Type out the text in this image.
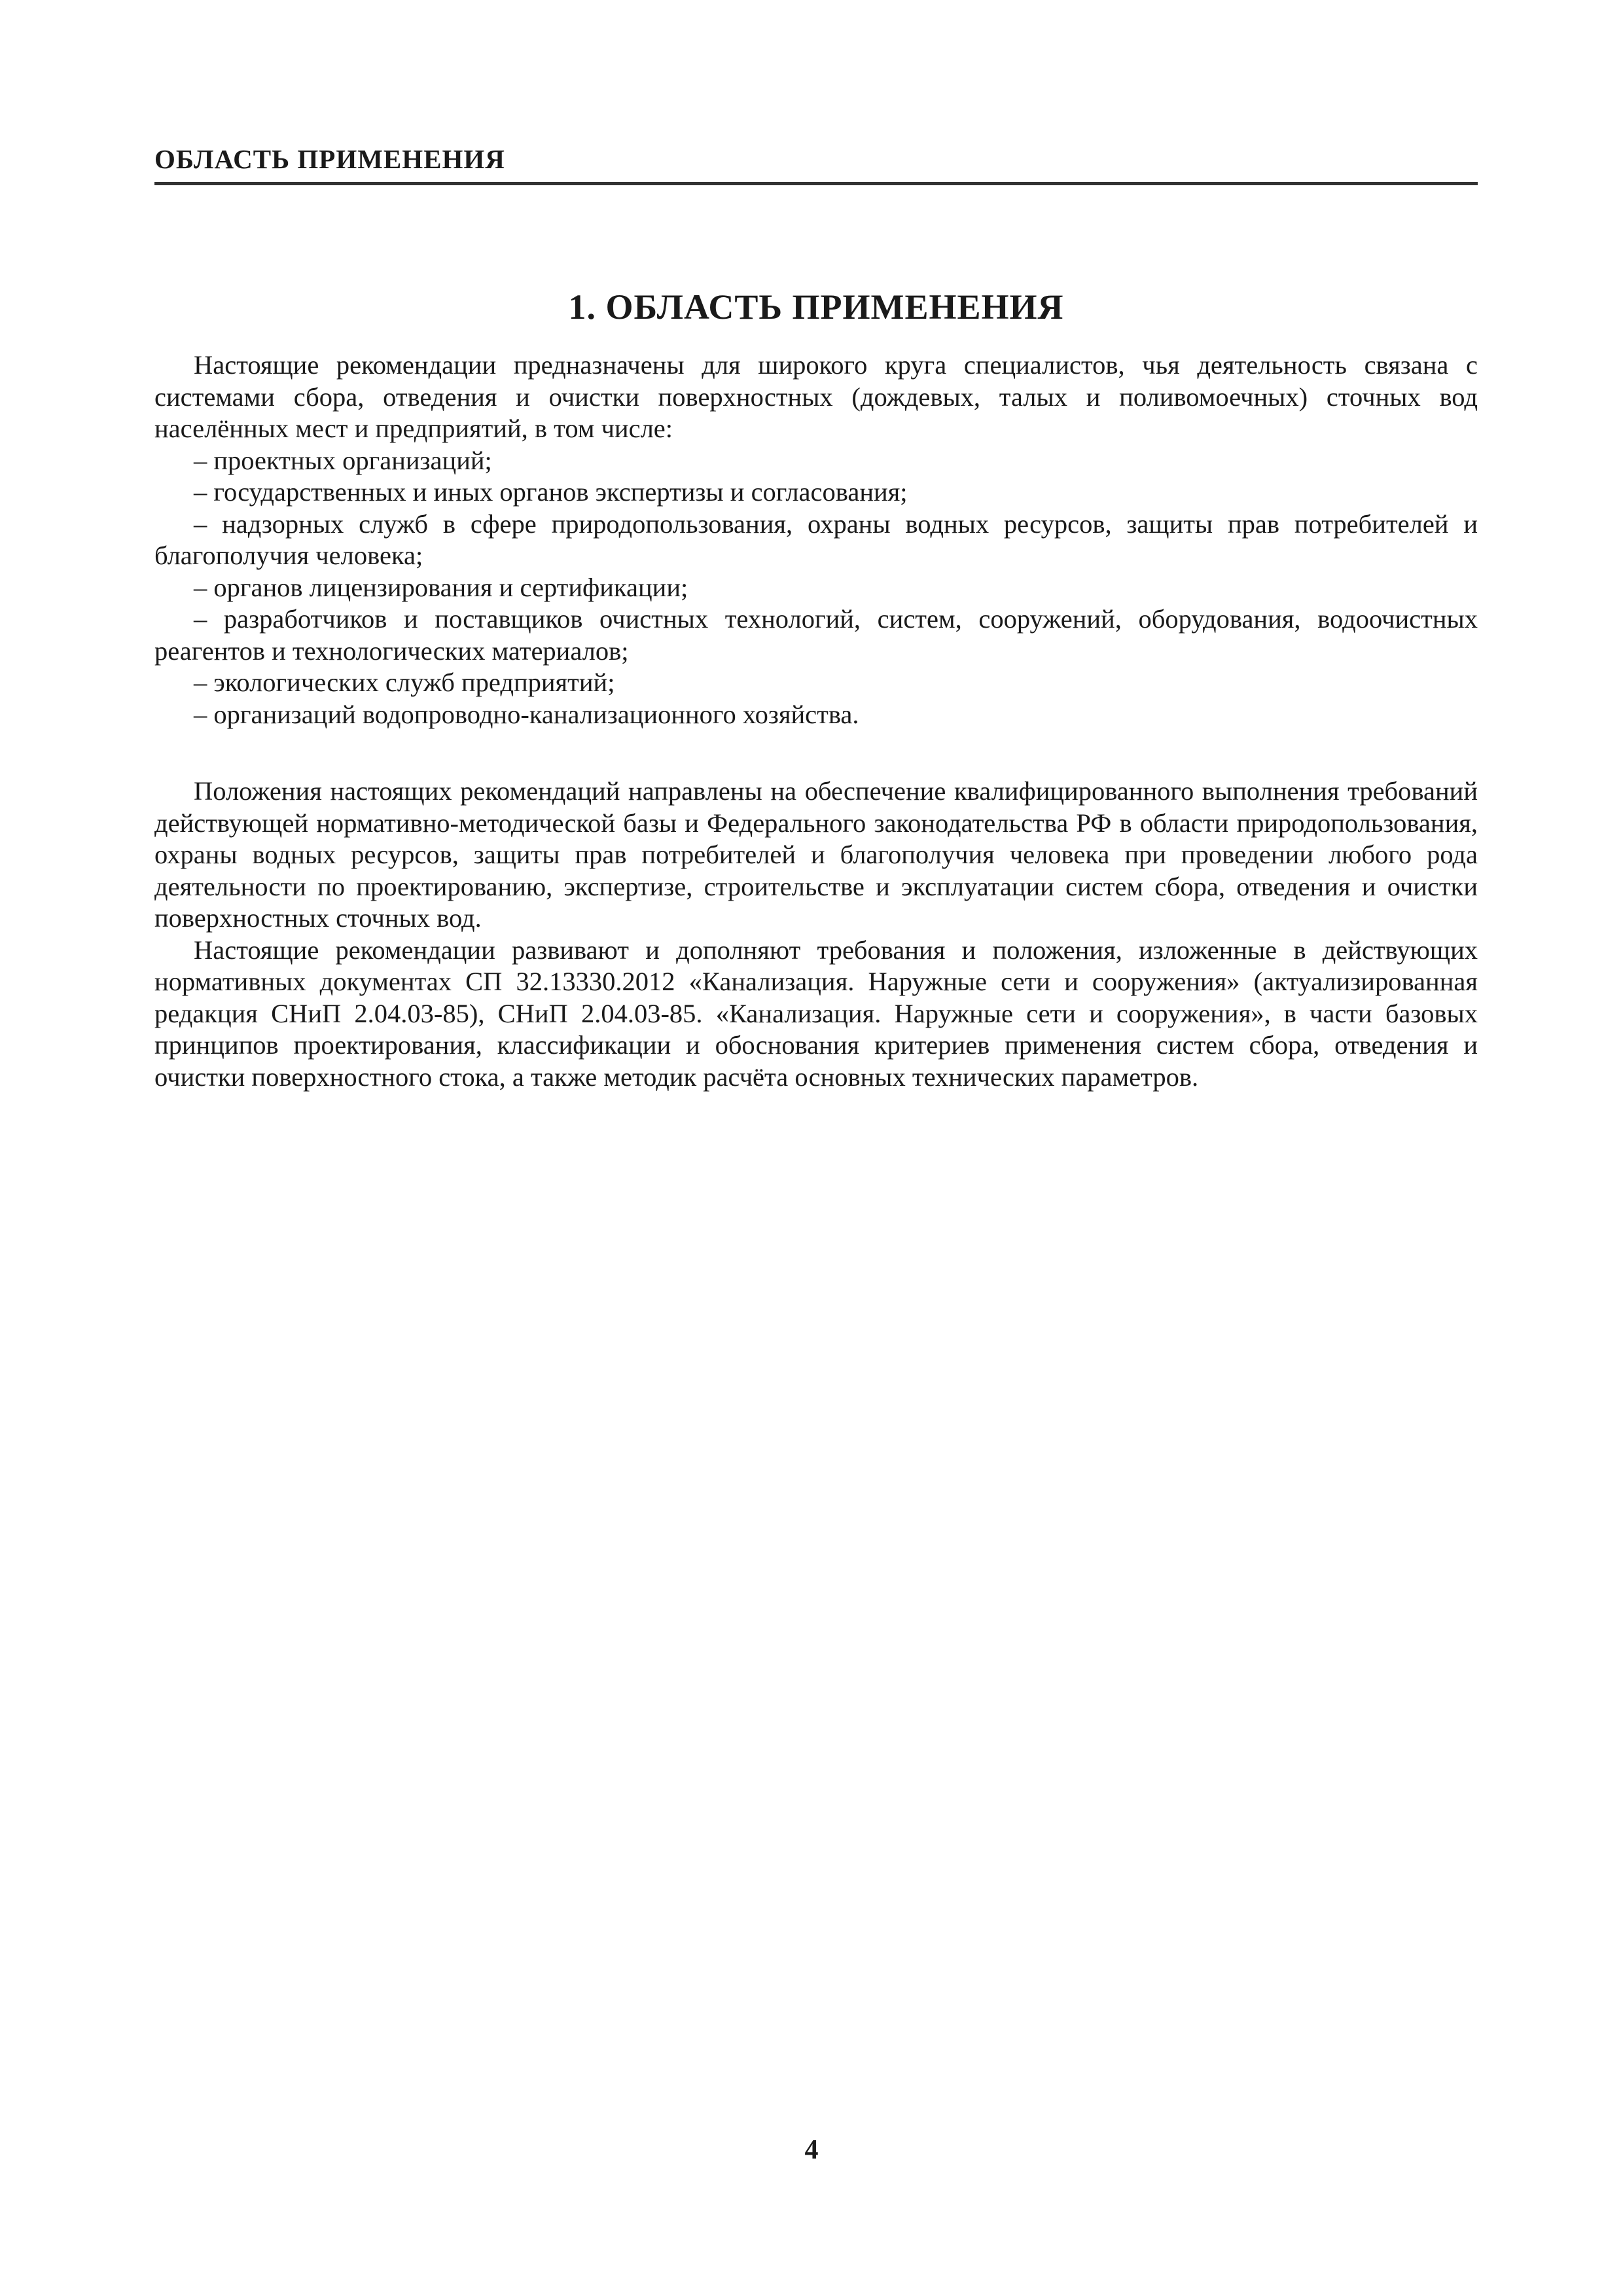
ОБЛАСТЬ ПРИМЕНЕНИЯ
1. ОБЛАСТЬ ПРИМЕНЕНИЯ

Настоящие рекомендации предназначены для широкого круга специалистов, чья деятельность связана с системами сбора, отведения и очистки поверхностных (дождевых, талых и поливомоечных) сточных вод населённых мест и предприятий, в том числе:

– проектных организаций;
– государственных и иных органов экспертизы и согласования;
– надзорных служб в сфере природопользования, охраны водных ресурсов, защиты прав потребителей и благополучия человека;
– органов лицензирования и сертификации;
– разработчиков и поставщиков очистных технологий, систем, сооружений, оборудования, водоочистных реагентов и технологических материалов;
– экологических служб предприятий;
– организаций водопроводно-канализационного хозяйства.

Положения настоящих рекомендаций направлены на обеспечение квалифицированного выполнения требований действующей нормативно-методической базы и Федерального законодательства РФ в области природопользования, охраны водных ресурсов, защиты прав потребителей и благополучия человека при проведении любого рода деятельности по проектированию, экспертизе, строительстве и эксплуатации систем сбора, отведения и очистки поверхностных сточных вод.

Настоящие рекомендации развивают и дополняют требования и положения, изложенные в действующих нормативных документах СП 32.13330.2012 «Канализация. Наружные сети и сооружения» (актуализированная редакция СНиП 2.04.03-85), СНиП 2.04.03-85. «Канализация. Наружные сети и сооружения», в части базовых принципов проектирования, классификации и обоснования критериев применения систем сбора, отведения и очистки поверхностного стока, а также методик расчёта основных технических параметров.

4
